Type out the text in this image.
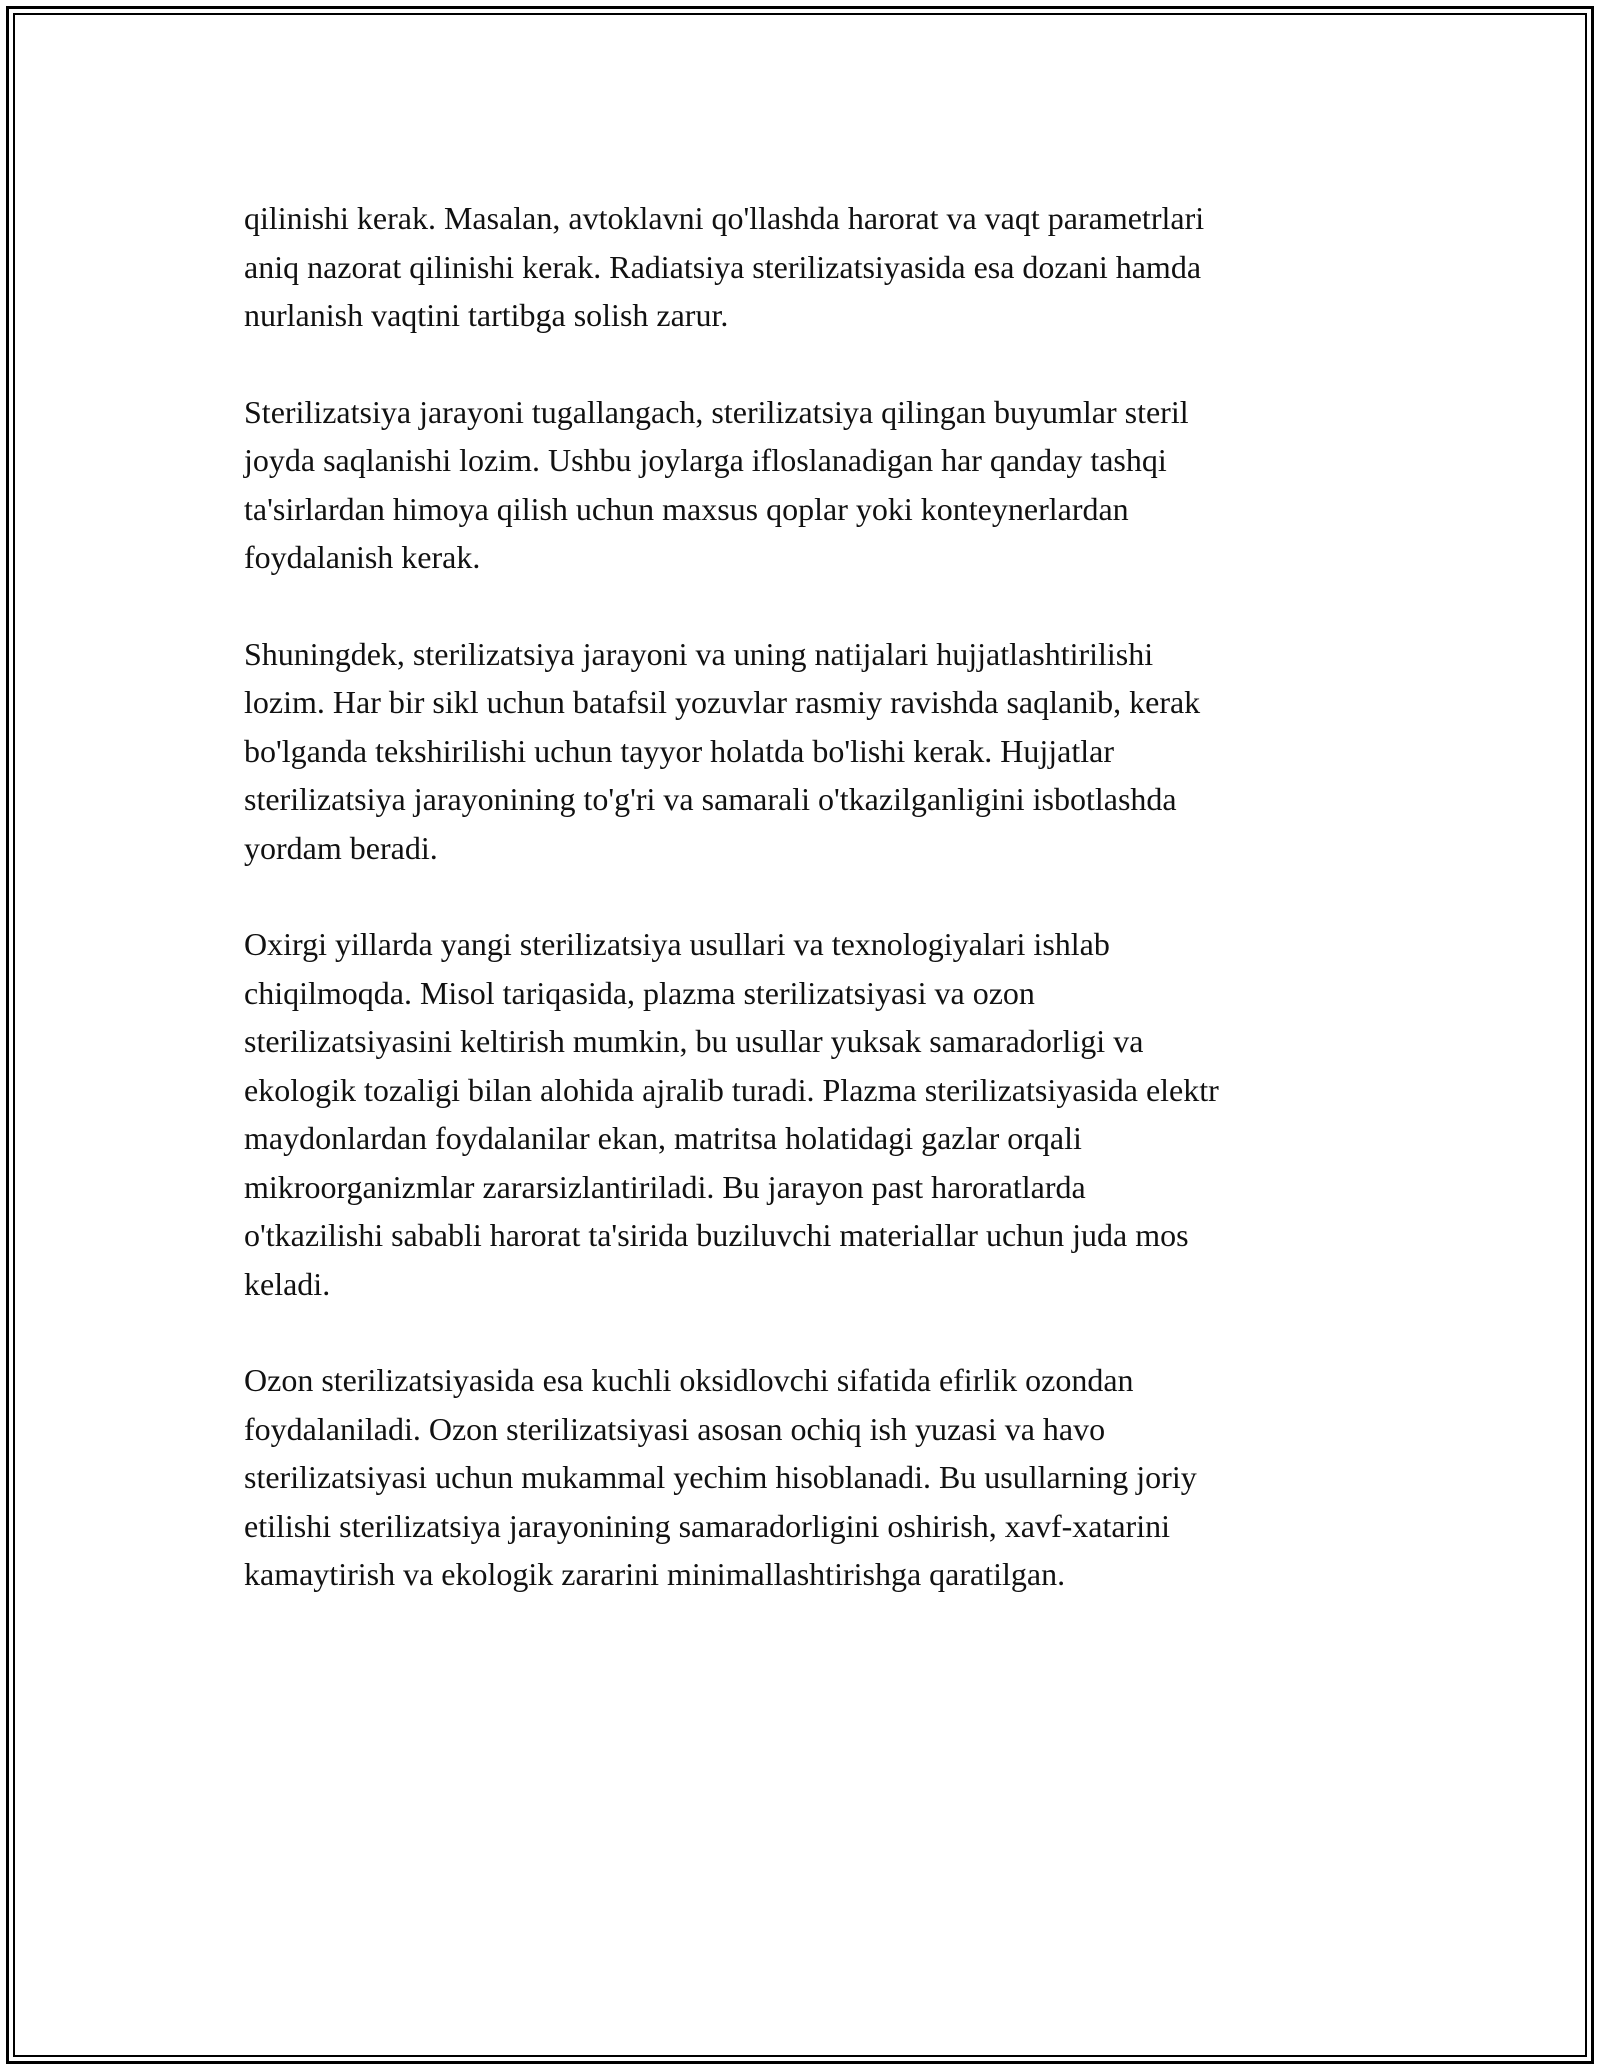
qilinishi kerak. Masalan, avtoklavni qo'llashda harorat va vaqt parametrlari
aniq nazorat qilinishi kerak. Radiatsiya sterilizatsiyasida esa dozani hamda
nurlanish vaqtini tartibga solish zarur.

Sterilizatsiya jarayoni tugallangach, sterilizatsiya qilingan buyumlar steril
joyda saqlanishi lozim. Ushbu joylarga ifloslanadigan har qanday tashqi
ta'sirlardan himoya qilish uchun maxsus qoplar yoki konteynerlardan
foydalanish kerak.

Shuningdek, sterilizatsiya jarayoni va uning natijalari hujjatlashtirilishi
lozim. Har bir sikl uchun batafsil yozuvlar rasmiy ravishda saqlanib, kerak
bo'lganda tekshirilishi uchun tayyor holatda bo'lishi kerak. Hujjatlar
sterilizatsiya jarayonining to'g'ri va samarali o'tkazilganligini isbotlashda
yordam beradi.

Oxirgi yillarda yangi sterilizatsiya usullari va texnologiyalari ishlab
chiqilmoqda. Misol tariqasida, plazma sterilizatsiyasi va ozon
sterilizatsiyasini keltirish mumkin, bu usullar yuksak samaradorligi va
ekologik tozaligi bilan alohida ajralib turadi. Plazma sterilizatsiyasida elektr
maydonlardan foydalanilar ekan, matritsa holatidagi gazlar orqali
mikroorganizmlar zararsizlantiriladi. Bu jarayon past haroratlarda
o'tkazilishi sababli harorat ta'sirida buziluvchi materiallar uchun juda mos
keladi.

Ozon sterilizatsiyasida esa kuchli oksidlovchi sifatida efirlik ozondan
foydalaniladi. Ozon sterilizatsiyasi asosan ochiq ish yuzasi va havo
sterilizatsiyasi uchun mukammal yechim hisoblanadi. Bu usullarning joriy
etilishi sterilizatsiya jarayonining samaradorligini oshirish, xavf-xatarini
kamaytirish va ekologik zararini minimallashtirishga qaratilgan.
